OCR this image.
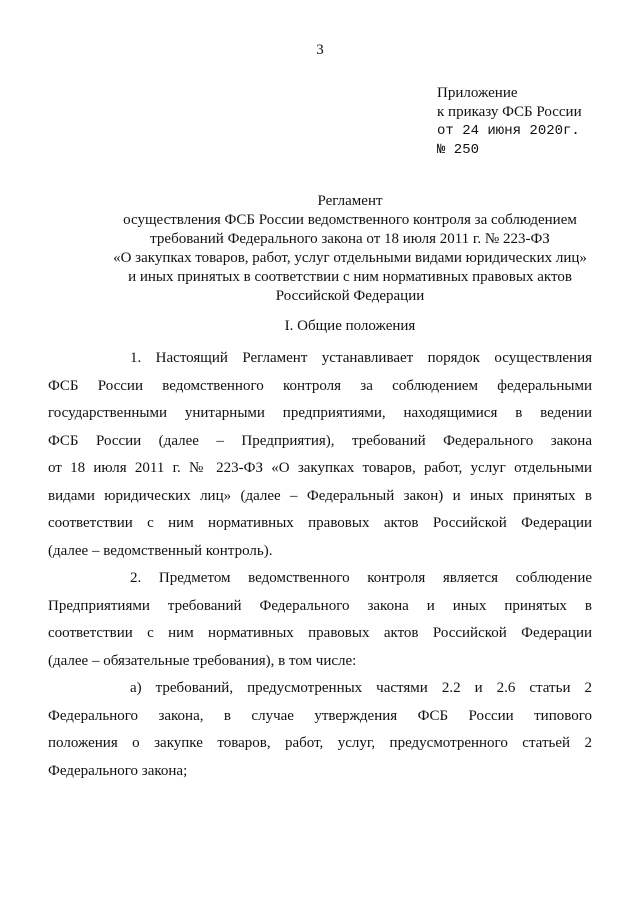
3
Приложение
к приказу ФСБ России
от 24 июня 2020г.
№ 250
Регламент
осуществления ФСБ России ведомственного контроля за соблюдением
требований Федерального закона от 18 июля 2011 г. № 223-ФЗ
«О закупках товаров, работ, услуг отдельными видами юридических лиц»
и иных принятых в соответствии с ним нормативных правовых актов
Российской Федерации
I. Общие положения

1. Настоящий Регламент устанавливает порядок осуществления
ФСБ России ведомственного контроля за соблюдением федеральными
государственными унитарными предприятиями, находящимися в ведении
ФСБ России (далее – Предприятия), требований Федерального закона
от 18 июля 2011 г. № 223-ФЗ «О закупках товаров, работ, услуг отдельными
видами юридических лиц» (далее – Федеральный закон) и иных принятых в
соответствии с ним нормативных правовых актов Российской Федерации
(далее – ведомственный контроль).

2. Предметом ведомственного контроля является соблюдение
Предприятиями требований Федерального закона и иных принятых в
соответствии с ним нормативных правовых актов Российской Федерации
(далее – обязательные требования), в том числе:

а) требований, предусмотренных частями 2.2 и 2.6 статьи 2
Федерального закона, в случае утверждения ФСБ России типового
положения о закупке товаров, работ, услуг, предусмотренного статьей 2
Федерального закона;
